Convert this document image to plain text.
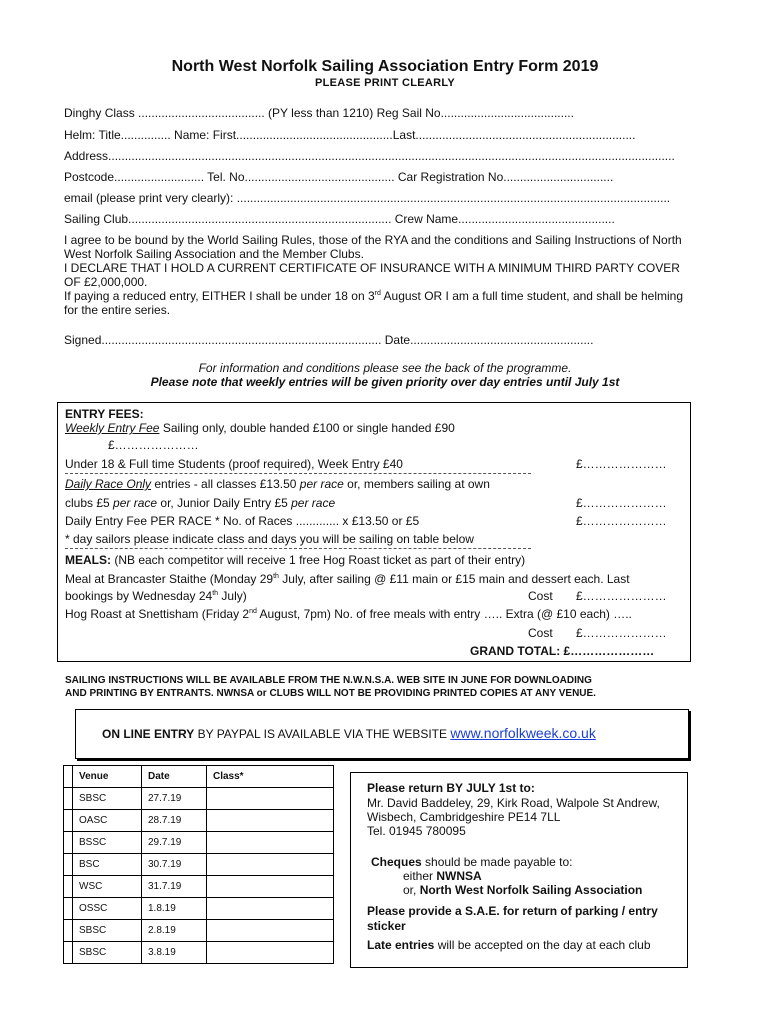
North West Norfolk Sailing Association Entry Form 2019
PLEASE PRINT CLEARLY
Dinghy Class ...................................... (PY less than 1210) Reg Sail No........................................
Helm: Title............... Name: First...............................................Last..................................................................
Address..........................................................................................................................................................................
Postcode........................... Tel. No............................................. Car Registration No.................................
email (please print very clearly): ..................................................................................................................................
Sailing Club............................................................................... Crew Name...............................................
I agree to be bound by the World Sailing Rules, those of the RYA and the conditions and Sailing Instructions of North West Norfolk Sailing Association and the Member Clubs.
I DECLARE THAT I HOLD A CURRENT CERTIFICATE OF INSURANCE WITH A MINIMUM THIRD PARTY COVER OF £2,000,000.
If paying a reduced entry, EITHER I shall be under 18 on 3rd August OR I am a full time student, and shall be helming for the entire series.
Signed.................................................................................... Date.......................................................
For information and conditions please see the back of the programme.
Please note that weekly entries will be given priority over day entries until July 1st
ENTRY FEES:
Weekly Entry Fee Sailing only, double handed £100 or single handed £90
£…………………
Under 18 & Full time Students (proof required), Week Entry £40	£…………………
Daily Race Only entries - all classes £13.50 per race or, members sailing at own
clubs £5 per race or, Junior Daily Entry £5 per race	£…………………
Daily Entry Fee PER RACE * No. of Races ............. x £13.50 or £5	£…………………
* day sailors please indicate class and days you will be sailing on table below
MEALS: (NB each competitor will receive 1 free Hog Roast ticket as part of their entry)
Meal at Brancaster Staithe (Monday 29th July, after sailing @ £11 main or £15 main and dessert each. Last
bookings by Wednesday 24th July)	Cost £…………………
Hog Roast at Snettisham (Friday 2nd August, 7pm) No. of free meals with entry ….. Extra (@ £10 each) …..
Cost £…………………
GRAND TOTAL: £…………………
SAILING INSTRUCTIONS WILL BE AVAILABLE FROM THE N.W.N.S.A. WEB SITE IN JUNE FOR DOWNLOADING
AND PRINTING BY ENTRANTS. NWNSA or CLUBS WILL NOT BE PROVIDING PRINTED COPIES AT ANY VENUE.
ON LINE ENTRY BY PAYPAL IS AVAILABLE VIA THE WEBSITE www.norfolkweek.co.uk
	Venue	Date	Class*
	SBSC	27.7.19	
	OASC	28.7.19	
	BSSC	29.7.19	
	BSC	30.7.19	
	WSC	31.7.19	
	OSSC	1.8.19	
	SBSC	2.8.19	
	SBSC	3.8.19	
Please return BY JULY 1st to:
Mr. David Baddeley, 29, Kirk Road, Walpole St Andrew,
Wisbech, Cambridgeshire PE14 7LL
Tel. 01945 780095
Cheques should be made payable to:
either NWNSA
or, North West Norfolk Sailing Association
Please provide a S.A.E. for return of parking / entry
sticker
Late entries will be accepted on the day at each club
